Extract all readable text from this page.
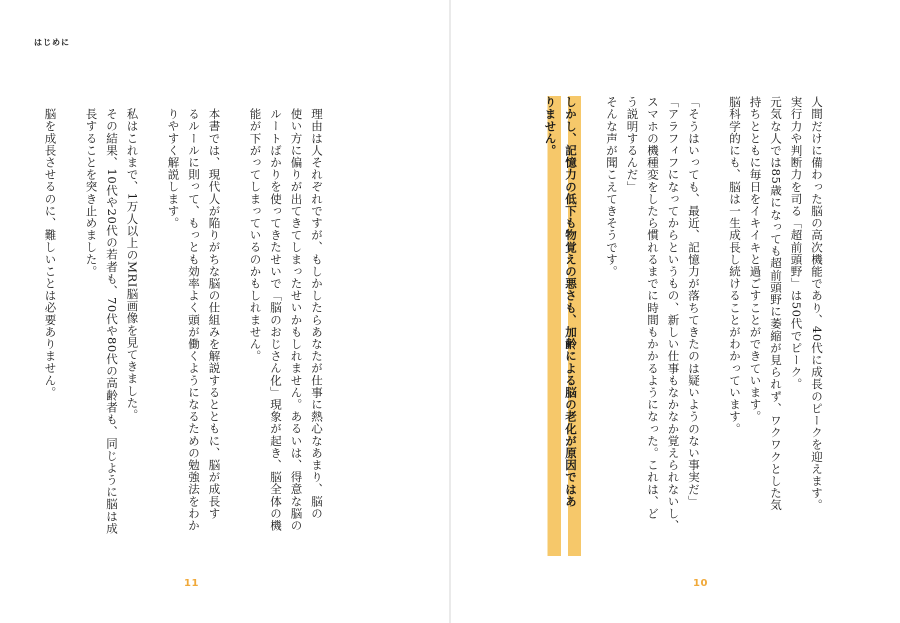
はじめに
人間だけに備わった脳の高次機能であり、40代に成長のピークを迎えます。
実行力や判断力を司る「超前頭野」は50代でピーク。
元気な人では85歳になっても超前頭野に萎縮が見られず、ワクワクとした気
持ちとともに毎日をイキイキと過ごすことができています。
脳科学的にも、脳は一生成長し続けることがわかっています。

「そうはいっても、最近、記憶力が落ちてきたのは疑いようのない事実だ」
「アラフィフになってからというもの、新しい仕事もなかなか覚えられないし、
スマホの機種変をしたら慣れるまでに時間もかかるようになった。これは、ど
う説明するんだ」
そんな声が聞こえてきそうです。

しかし、記憶力の低下も物覚えの悪さも、加齢による脳の老化が原因ではあ
りません。
理由は人それぞれですが、もしかしたらあなたが仕事に熱心なあまり、脳の
使い方に偏りが出てきてしまったせいかもしれません。あるいは、得意な脳の
ルートばかりを使ってきたせいで「脳のおじさん化」現象が起き、脳全体の機
能が下がってしまっているのかもしれません。

本書では、現代人が陥りがちな脳の仕組みを解説するとともに、脳が成長す
るルールに則って、もっとも効率よく頭が働くようになるための勉強法をわか
りやすく解説します。

私はこれまで、1万人以上のMRI脳画像を見てきました。
その結果、10代や20代の若者も、70代や80代の高齢者も、同じように脳は成
長することを突き止めました。

脳を成長させるのに、難しいことは必要ありません。
11	10
